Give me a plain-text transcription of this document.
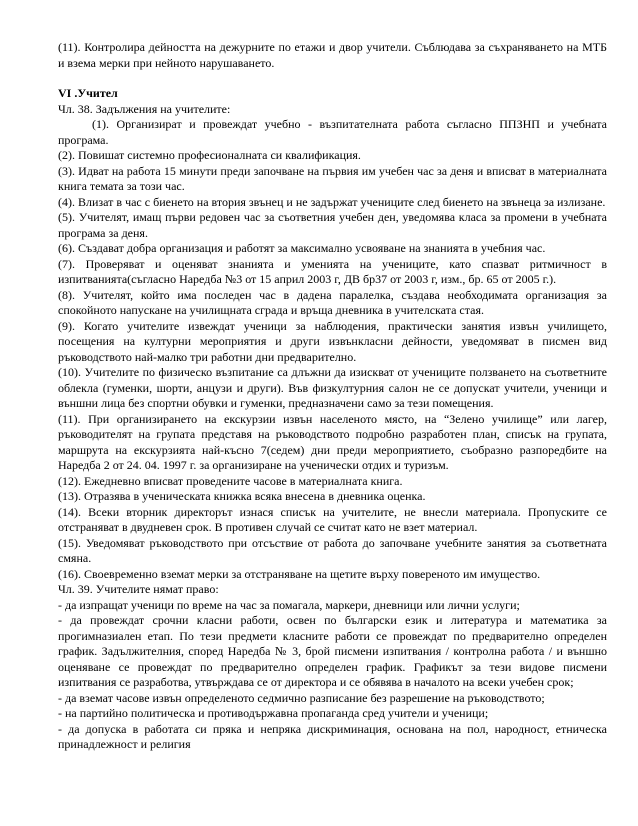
(11). Контролира дейността на дежурните по етажи и двор учители. Съблюдава за съхраняването на МТБ и взема мерки при нейното нарушаването.

VI .Учител

Чл. 38. Задължения на учителите:

(1). Организират и провеждат учебно - възпитателната работа съгласно ППЗНП и учебната програма.

(2). Повишат системно професионалната си квалификация.

(3). Идват на работа 15 минути преди започване на първия им учебен час за деня и вписват в материалната книга темата за този час.

(4). Влизат в час с биенето на втория звънец и не задържат учениците след биенето на звънеца за излизане.

(5). Учителят, имащ първи редовен час за съответния учебен ден, уведомява класа за промени в учебната програма за деня.

(6). Създават добра организация и работят за максимално усвояване на знанията в учебния час.

(7). Проверяват и оценяват знанията и уменията на учениците, като спазват ритмичност в изпитванията(съгласно Наредба №3 от 15 април 2003 г, ДВ бр37 от 2003 г, изм., бр. 65 от 2005 г.).

(8). Учителят, който има последен час в дадена паралелка, създава необходимата организация за спокойното напускане на училищната сграда и връща дневника в учителската стая.

(9). Когато учителите извеждат ученици за наблюдения, практически занятия извън училището, посещения на културни мероприятия и други извънкласни дейности, уведомяват в писмен вид ръководството най-малко три работни дни предварително.

(10). Учителите по физическо възпитание са длъжни да изискват от учениците ползването на съответните облекла (гуменки, шорти, анцузи и други). Във физкултурния салон не се допускат учители, ученици и външни лица без спортни обувки и гуменки, предназначени само за тези помещения.

(11). При организирането на екскурзии извън населеното място, на “Зелено училище” или лагер, ръководителят на групата представя на ръководството подробно разработен план, списък на групата, маршрута на екскурзията най-късно 7(седем) дни преди мероприятието, съобразно разпоредбите на Наредба 2 от 24. 04. 1997 г. за организиране на ученически отдих и туризъм.

(12). Ежедневно вписват проведените часове в материалната книга.

(13). Отразява в ученическата книжка всяка внесена в дневника оценка.

(14). Всеки вторник директорът изнася списък на учителите, не внесли материала. Пропуските се отстраняват в двудневен срок. В противен случай се считат като не взет материал.

(15). Уведомяват ръководството при отсъствие от работа до започване учебните занятия за съответната смяна.

(16). Своевременно вземат мерки за отстраняване на щетите върху повереното им имущество.

Чл. 39. Учителите нямат право:

- да изпращат ученици по време на час за помагала, маркери, дневници или лични услуги;

- да провеждат срочни класни работи, освен по български език и литература и математика за прогимназиален етап. По тези предмети класните работи се провеждат по предварително определен график. Задължителния, според Наредба № 3, брой писмени изпитвания / контролна работа / и външно оценяване се провеждат по предварително определен график. Графикът за тези видове писмени изпитвания се разработва, утвърждава се от директора и се обявява в началото на всеки учебен срок;

- да вземат часове извън определеното седмично разписание без разрешение на ръководството;

- на партийно политическа и противодържавна пропаганда сред учители и ученици;

- да допуска в работата си пряка и непряка дискриминация, основана на пол, народност, етническа принадлежност и религия
